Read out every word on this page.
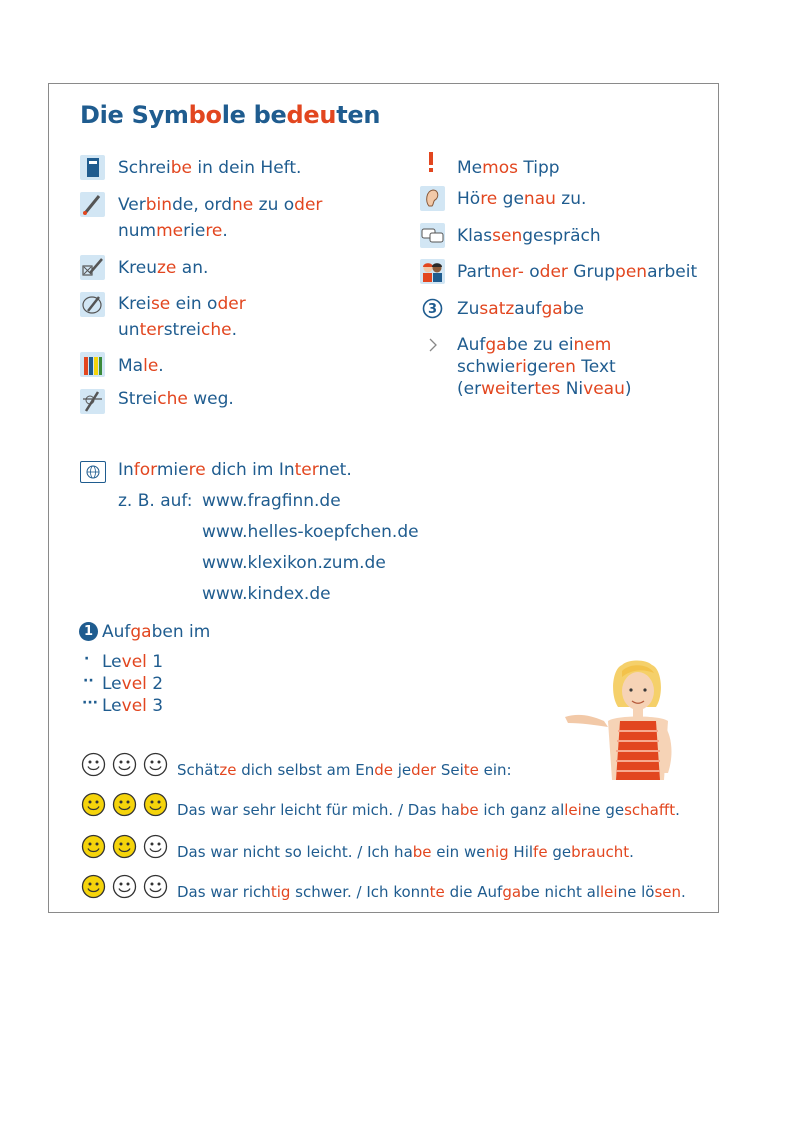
Die Symbole bedeuten
Schreibe in dein Heft.
Verbinde, ordne zu oder
nummeriere.
Kreuze an.
Kreise ein oder
unterstreiche.
Male.
Streiche weg.
3
Memos Tipp
Höre genau zu.
Klassengespräch
Partner- oder Gruppenarbeit
Zusatzaufgabe
Aufgabe zu einem
schwierigeren Text
(erweitertes Niveau)
Informiere dich im Internet.
z. B. auf: www.fragfinn.de
www.helles-koepfchen.de
www.klexikon.zum.de
www.kindex.de
1 Aufgaben im
·
··
···
Level 1
Level 2
Level 3
Schätze dich selbst am Ende jeder Seite ein:
Das war sehr leicht für mich. / Das habe ich ganz alleine geschafft.
Das war nicht so leicht. / Ich habe ein wenig Hilfe gebraucht.
Das war richtig schwer. / Ich konnte die Aufgabe nicht alleine lösen.
